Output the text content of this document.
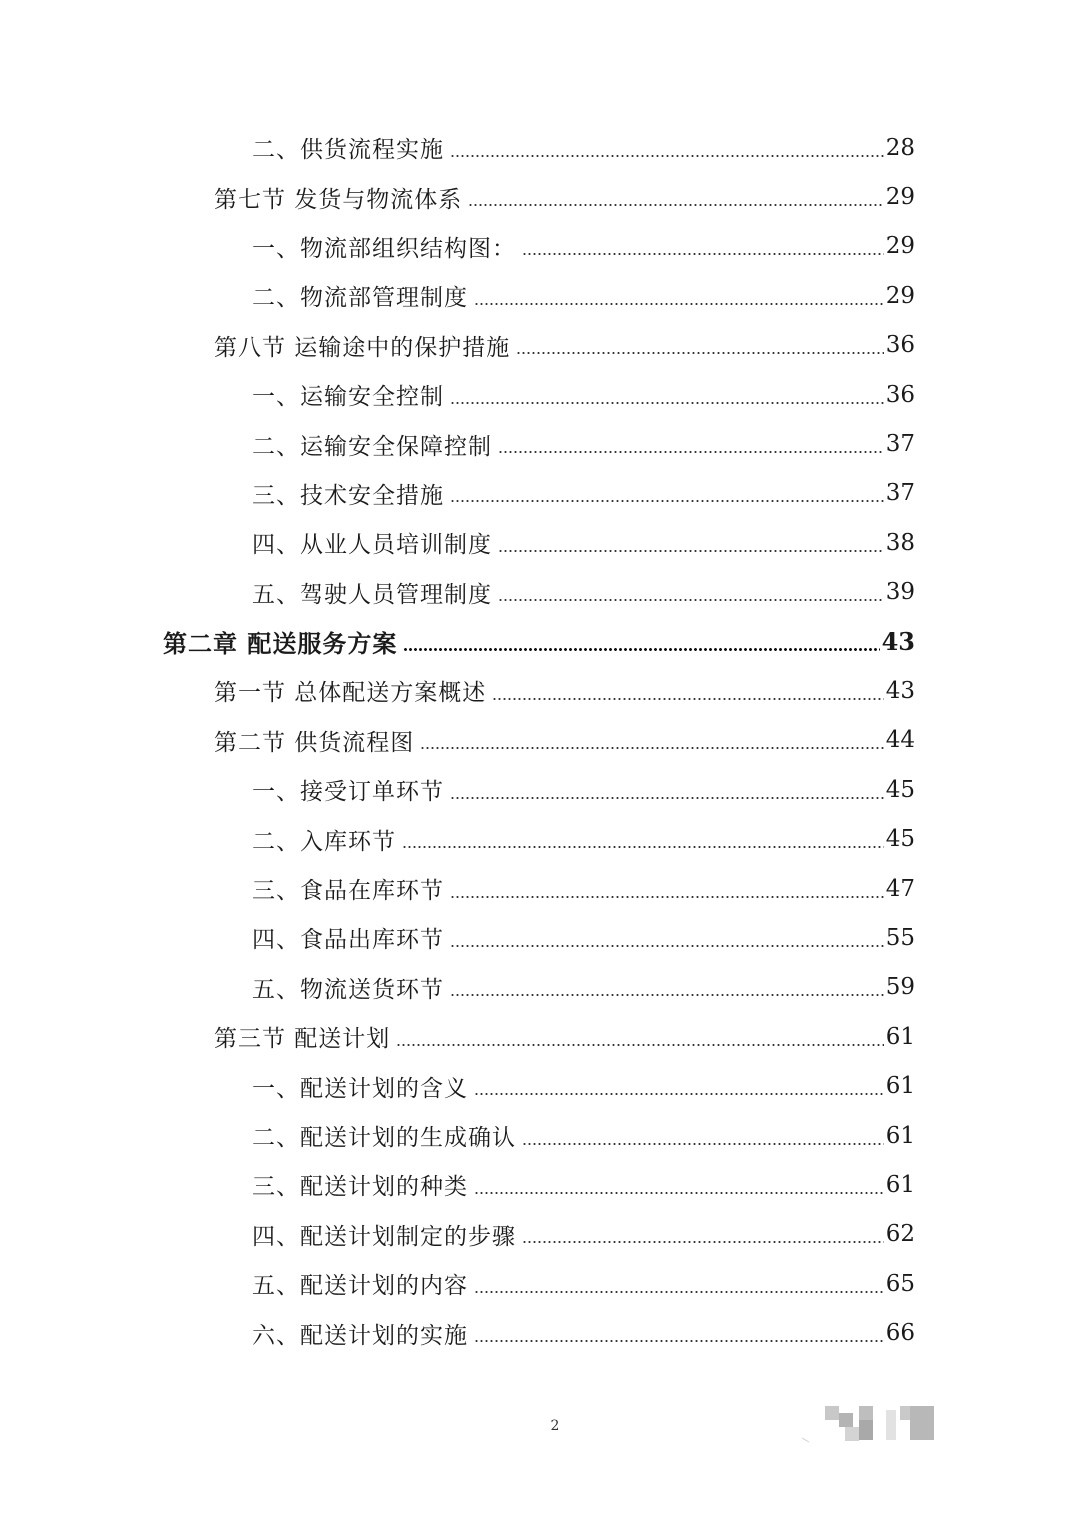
二、供货流程实施	28
第七节 发货与物流体系	29
一、物流部组织结构图：	29
二、物流部管理制度	29
第八节 运输途中的保护措施	36
一、运输安全控制	36
二、运输安全保障控制	37
三、技术安全措施	37
四、从业人员培训制度	38
五、驾驶人员管理制度	39
第二章 配送服务方案	43
第一节 总体配送方案概述	43
第二节 供货流程图	44
一、接受订单环节	45
二、入库环节	45
三、食品在库环节	47
四、食品出库环节	55
五、物流送货环节	59
第三节 配送计划	61
一、配送计划的含义	61
二、配送计划的生成确认	61
三、配送计划的种类	61
四、配送计划制定的步骤	62
五、配送计划的内容	65
六、配送计划的实施	66
2
